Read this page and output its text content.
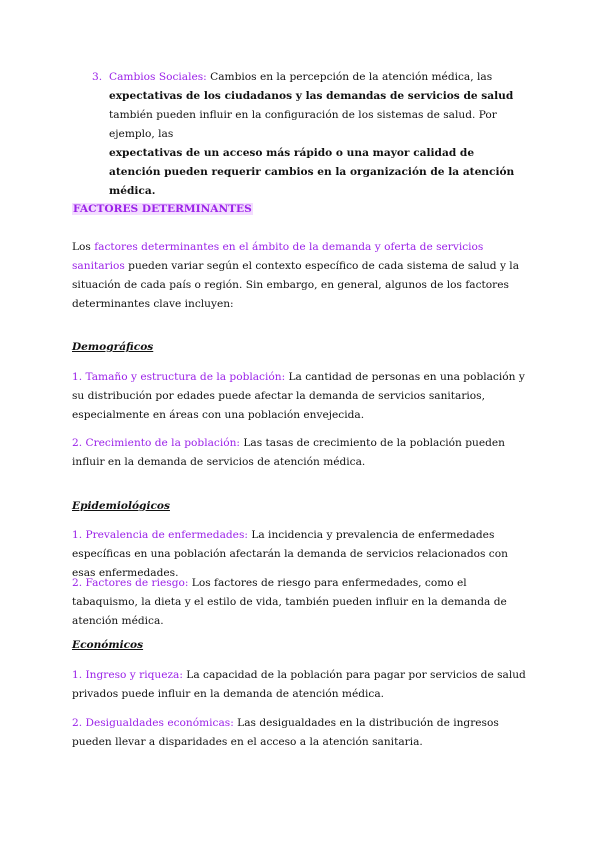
3. Cambios Sociales: Cambios en la percepción de la atención médica, las
expectativas de los ciudadanos y las demandas de servicios de salud también pueden influir en la configuración de los sistemas de salud. Por ejemplo, las
expectativas de un acceso más rápido o una mayor calidad de atención pueden requerir cambios en la organización de la atención médica.
FACTORES DETERMINANTES
Los factores determinantes en el ámbito de la demanda y oferta de servicios sanitarios pueden variar según el contexto específico de cada sistema de salud y la situación de cada país o región. Sin embargo, en general, algunos de los factores determinantes clave incluyen:
Demográficos
1. Tamaño y estructura de la población: La cantidad de personas en una población y su distribución por edades puede afectar la demanda de servicios sanitarios, especialmente en áreas con una población envejecida.
2. Crecimiento de la población: Las tasas de crecimiento de la población pueden influir en la demanda de servicios de atención médica.
Epidemiológicos
1. Prevalencia de enfermedades: La incidencia y prevalencia de enfermedades específicas en una población afectarán la demanda de servicios relacionados con esas enfermedades.
2. Factores de riesgo: Los factores de riesgo para enfermedades, como el tabaquismo, la dieta y el estilo de vida, también pueden influir en la demanda de atención médica.
Económicos
1. Ingreso y riqueza: La capacidad de la población para pagar por servicios de salud privados puede influir en la demanda de atención médica.
2. Desigualdades económicas: Las desigualdades en la distribución de ingresos pueden llevar a disparidades en el acceso a la atención sanitaria.
